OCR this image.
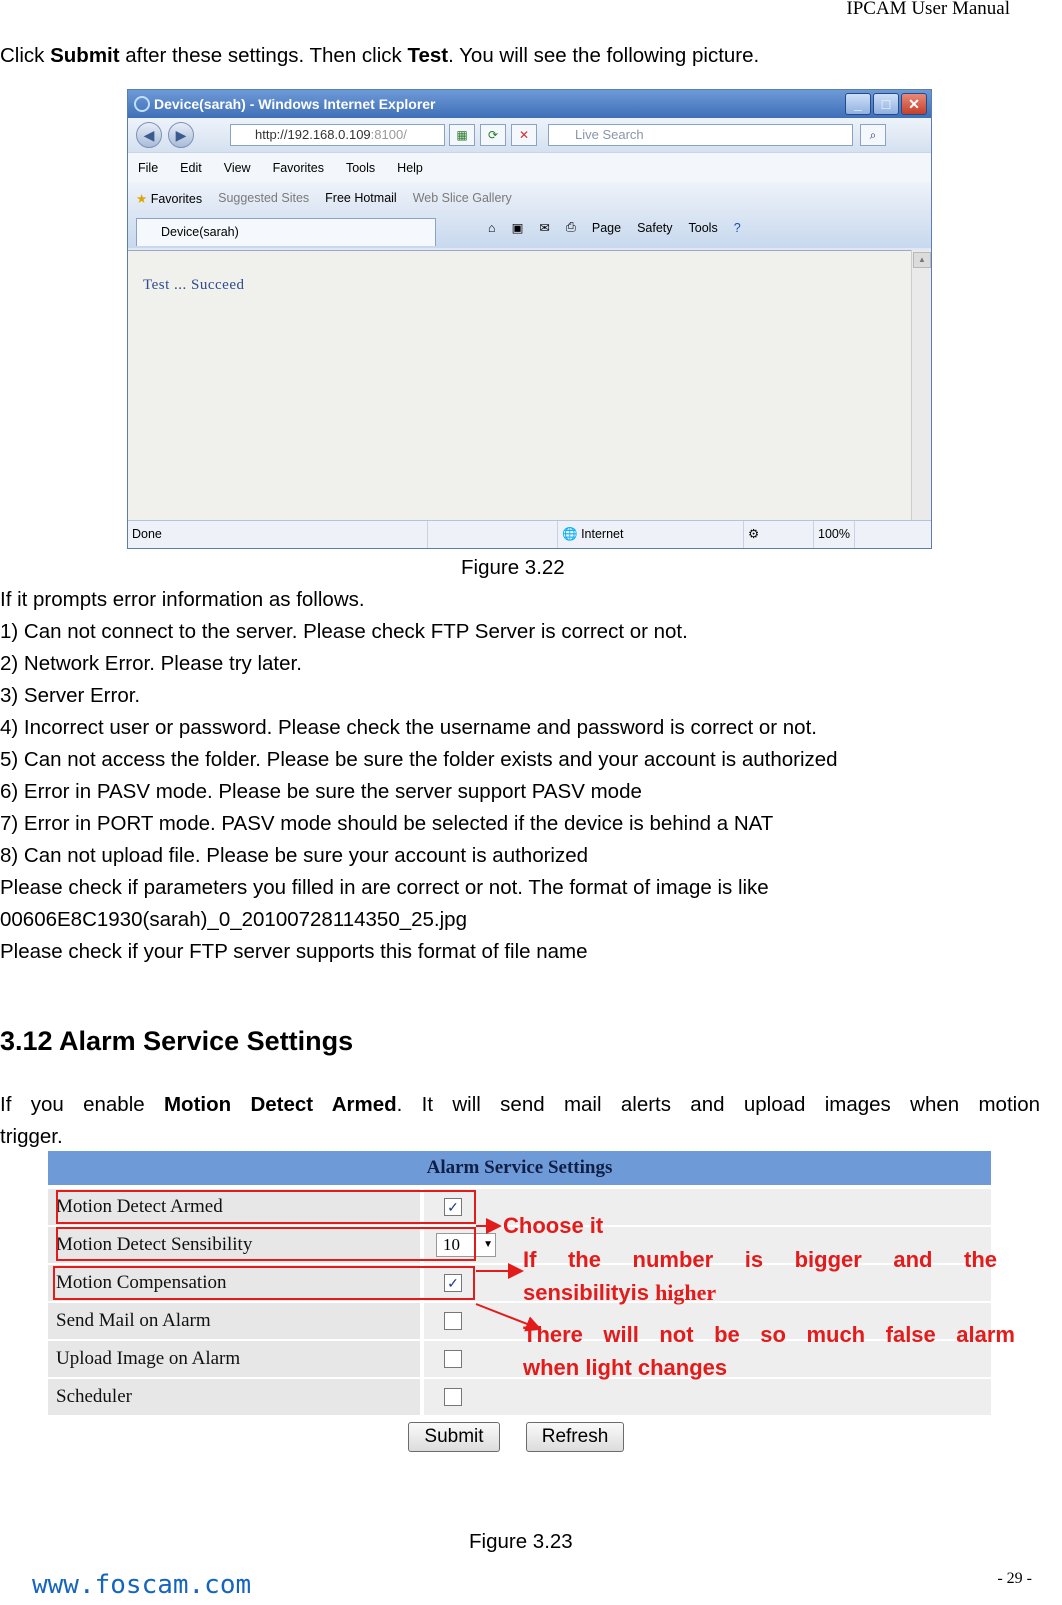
IPCAM User Manual
Click Submit after these settings. Then click Test. You will see the following picture.
Device(sarah) - Windows Internet Explorer	_	□	✕
◀	▶	http://192.168.0.109:8100/	▦	⟳	✕	Live Search	⌕
File Edit View Favorites Tools Help
★ Favorites Suggested Sites Free Hotmail Web Slice Gallery
Device(sarah)	⌂ ▣ ✉ ⎙ Page Safety Tools ?
Test ... Succeed
▲
Done	🌐 Internet	⚙	100%
Figure 3.22
If it prompts error information as follows.
1) Can not connect to the server. Please check FTP Server is correct or not.
2) Network Error. Please try later.
3) Server Error.
4) Incorrect user or password. Please check the username and password is correct or not.
5) Can not access the folder. Please be sure the folder exists and your account is authorized
6) Error in PASV mode. Please be sure the server support PASV mode
7) Error in PORT mode. PASV mode should be selected if the device is behind a NAT
8) Can not upload file. Please be sure your account is authorized
Please check if parameters you filled in are correct or not. The format of image is like
00606E8C1930(sarah)_0_20100728114350_25.jpg
Please check if your FTP server supports this format of file name
3.12 Alarm Service Settings
If you enable Motion Detect Armed. It will send mail alerts and upload images when motion
trigger.
Alarm Service Settings
Motion Detect Armed	✓
Motion Detect Sensibility	10 ▼
Motion Compensation	✓
Send Mail on Alarm
Upload Image on Alarm
Scheduler
Submit	Refresh
Choose it
If the number is bigger and the
sensibilityis higher
There will not be so much false alarm
when light changes
Figure 3.23
www.foscam.com	- 29 -
